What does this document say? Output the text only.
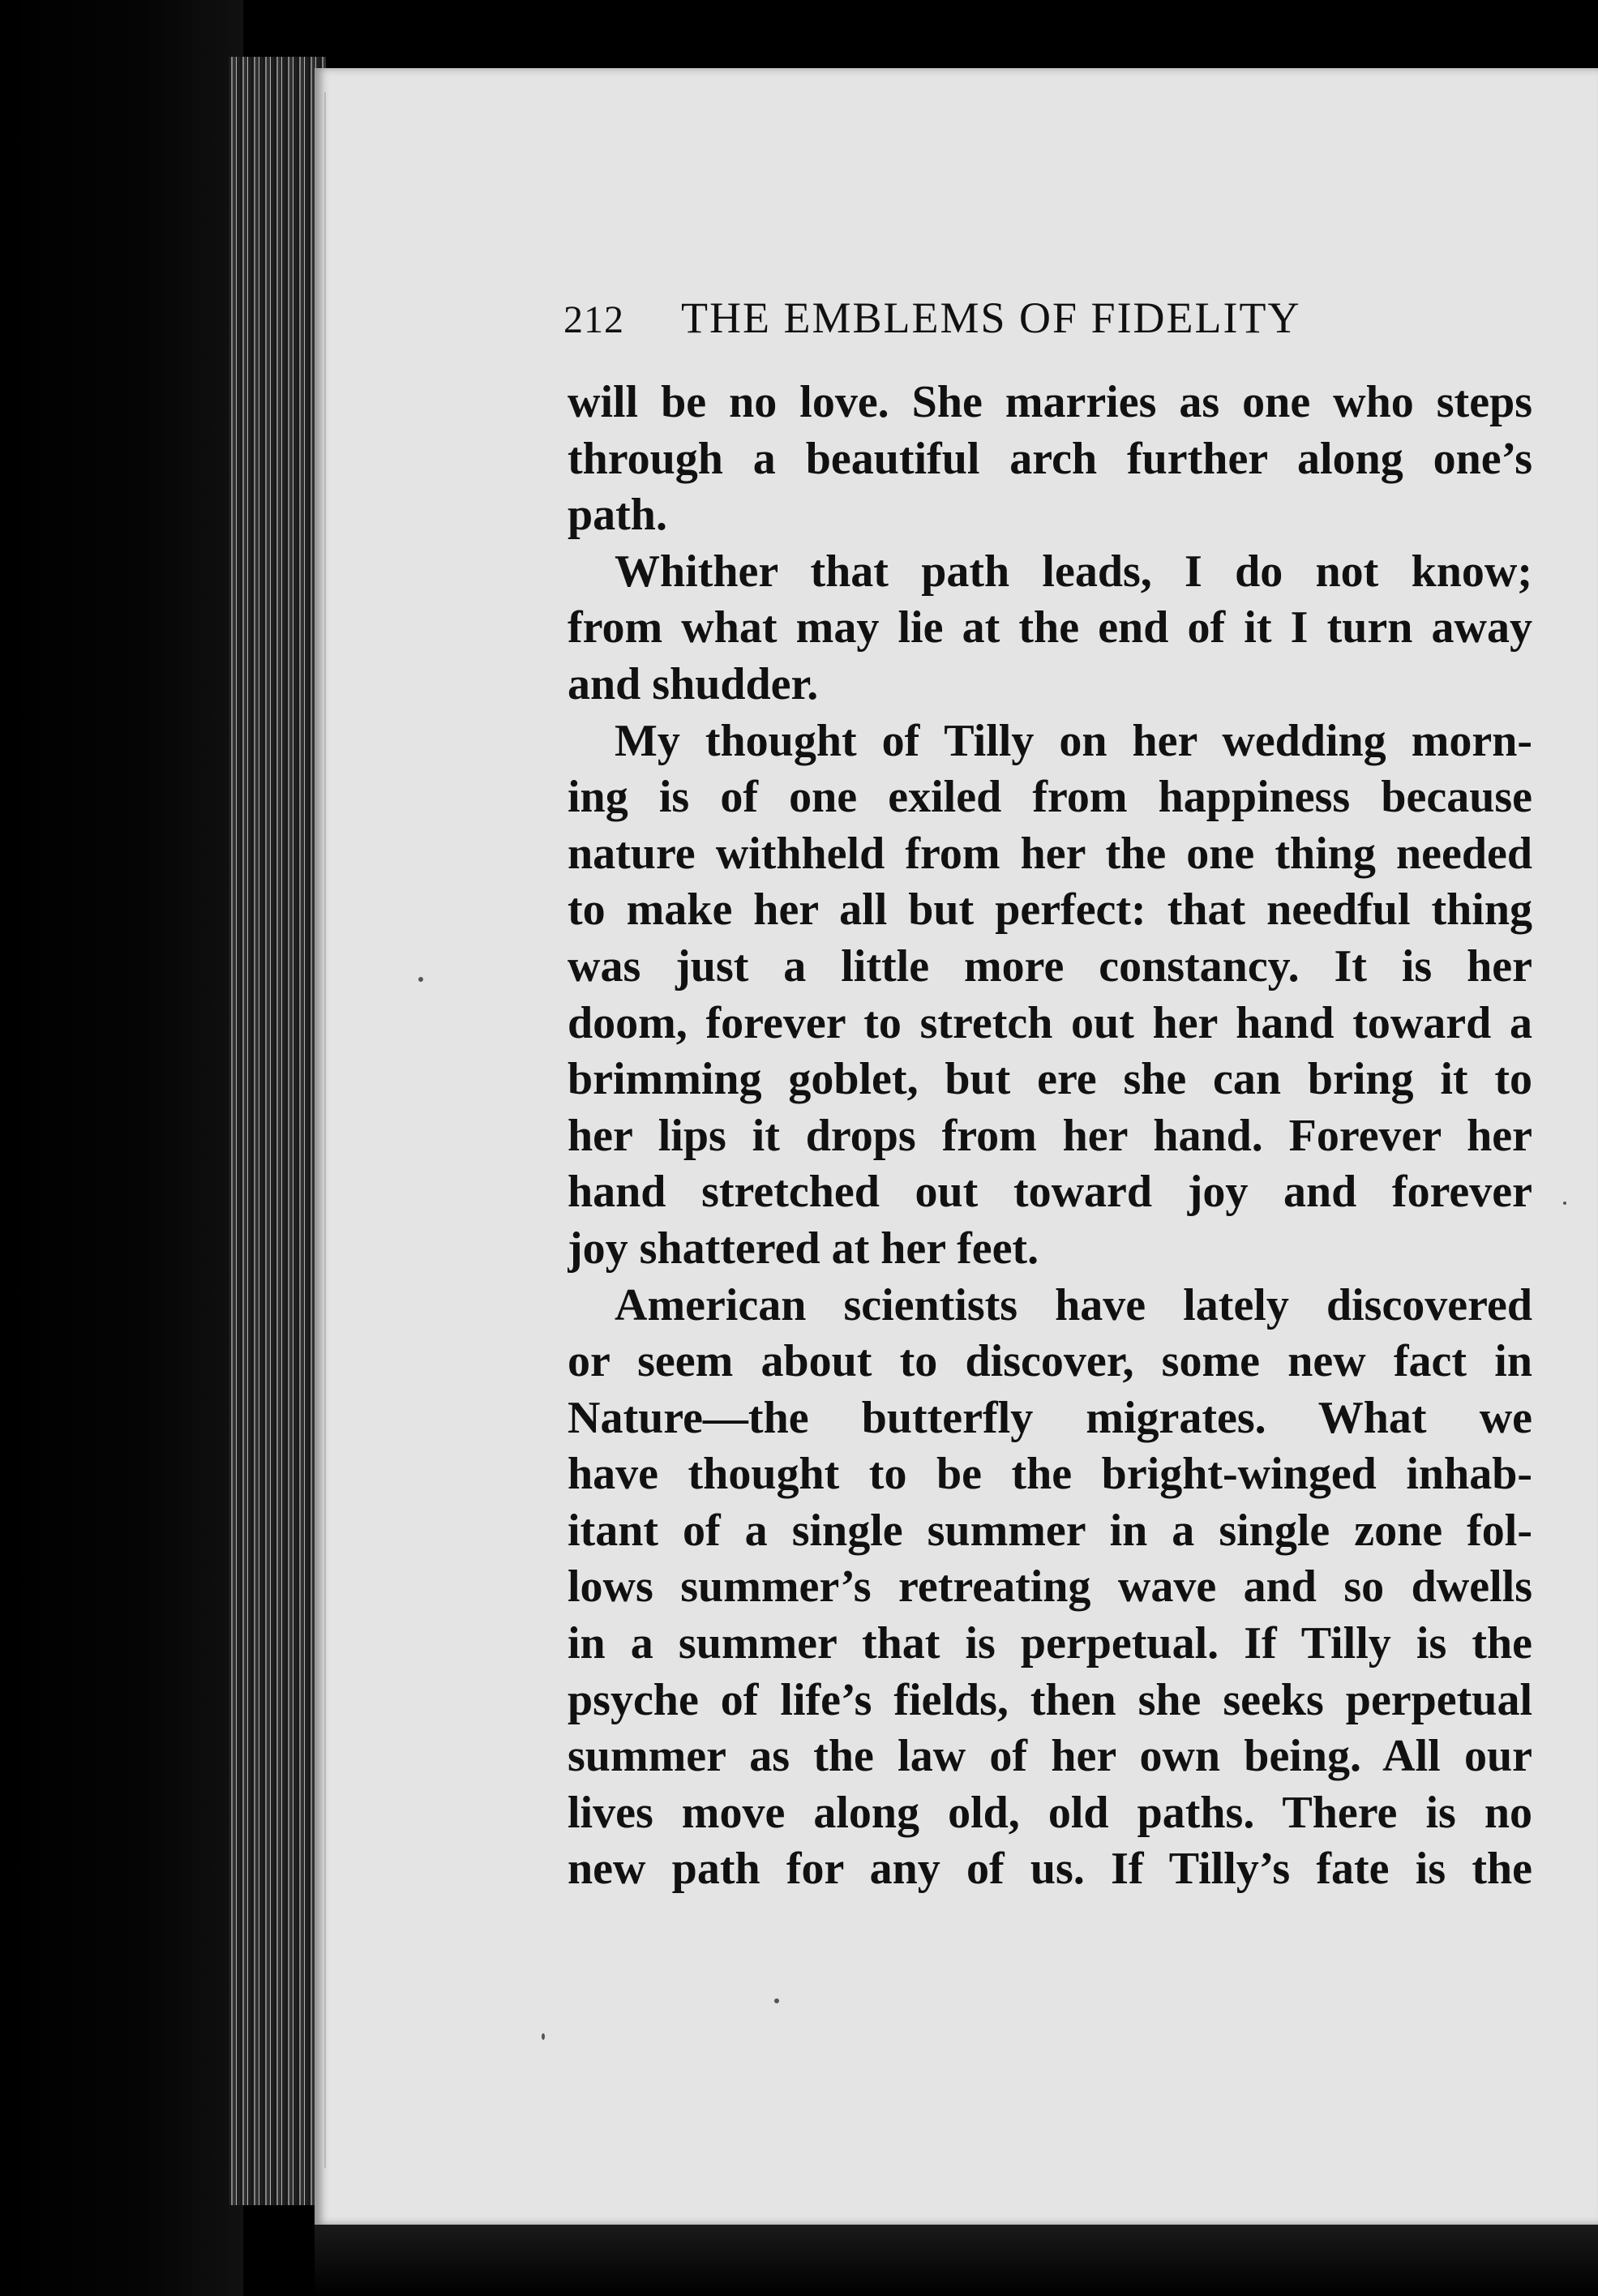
212 THE EMBLEMS OF FIDELITY
will be no love. She marries as one who steps
through a beautiful arch further along one’s
path.
Whither that path leads, I do not know;
from what may lie at the end of it I turn away
and shudder.
My thought of Tilly on her wedding morn-
ing is of one exiled from happiness because
nature withheld from her the one thing needed
to make her all but perfect: that needful thing
was just a little more constancy. It is her
doom, forever to stretch out her hand toward a
brimming goblet, but ere she can bring it to
her lips it drops from her hand. Forever her
hand stretched out toward joy and forever
joy shattered at her feet.
American scientists have lately discovered
or seem about to discover, some new fact in
Nature—the butterfly migrates. What we
have thought to be the bright-winged inhab-
itant of a single summer in a single zone fol-
lows summer’s retreating wave and so dwells
in a summer that is perpetual. If Tilly is the
psyche of life’s fields, then she seeks perpetual
summer as the law of her own being. All our
lives move along old, old paths. There is no
new path for any of us. If Tilly’s fate is the
